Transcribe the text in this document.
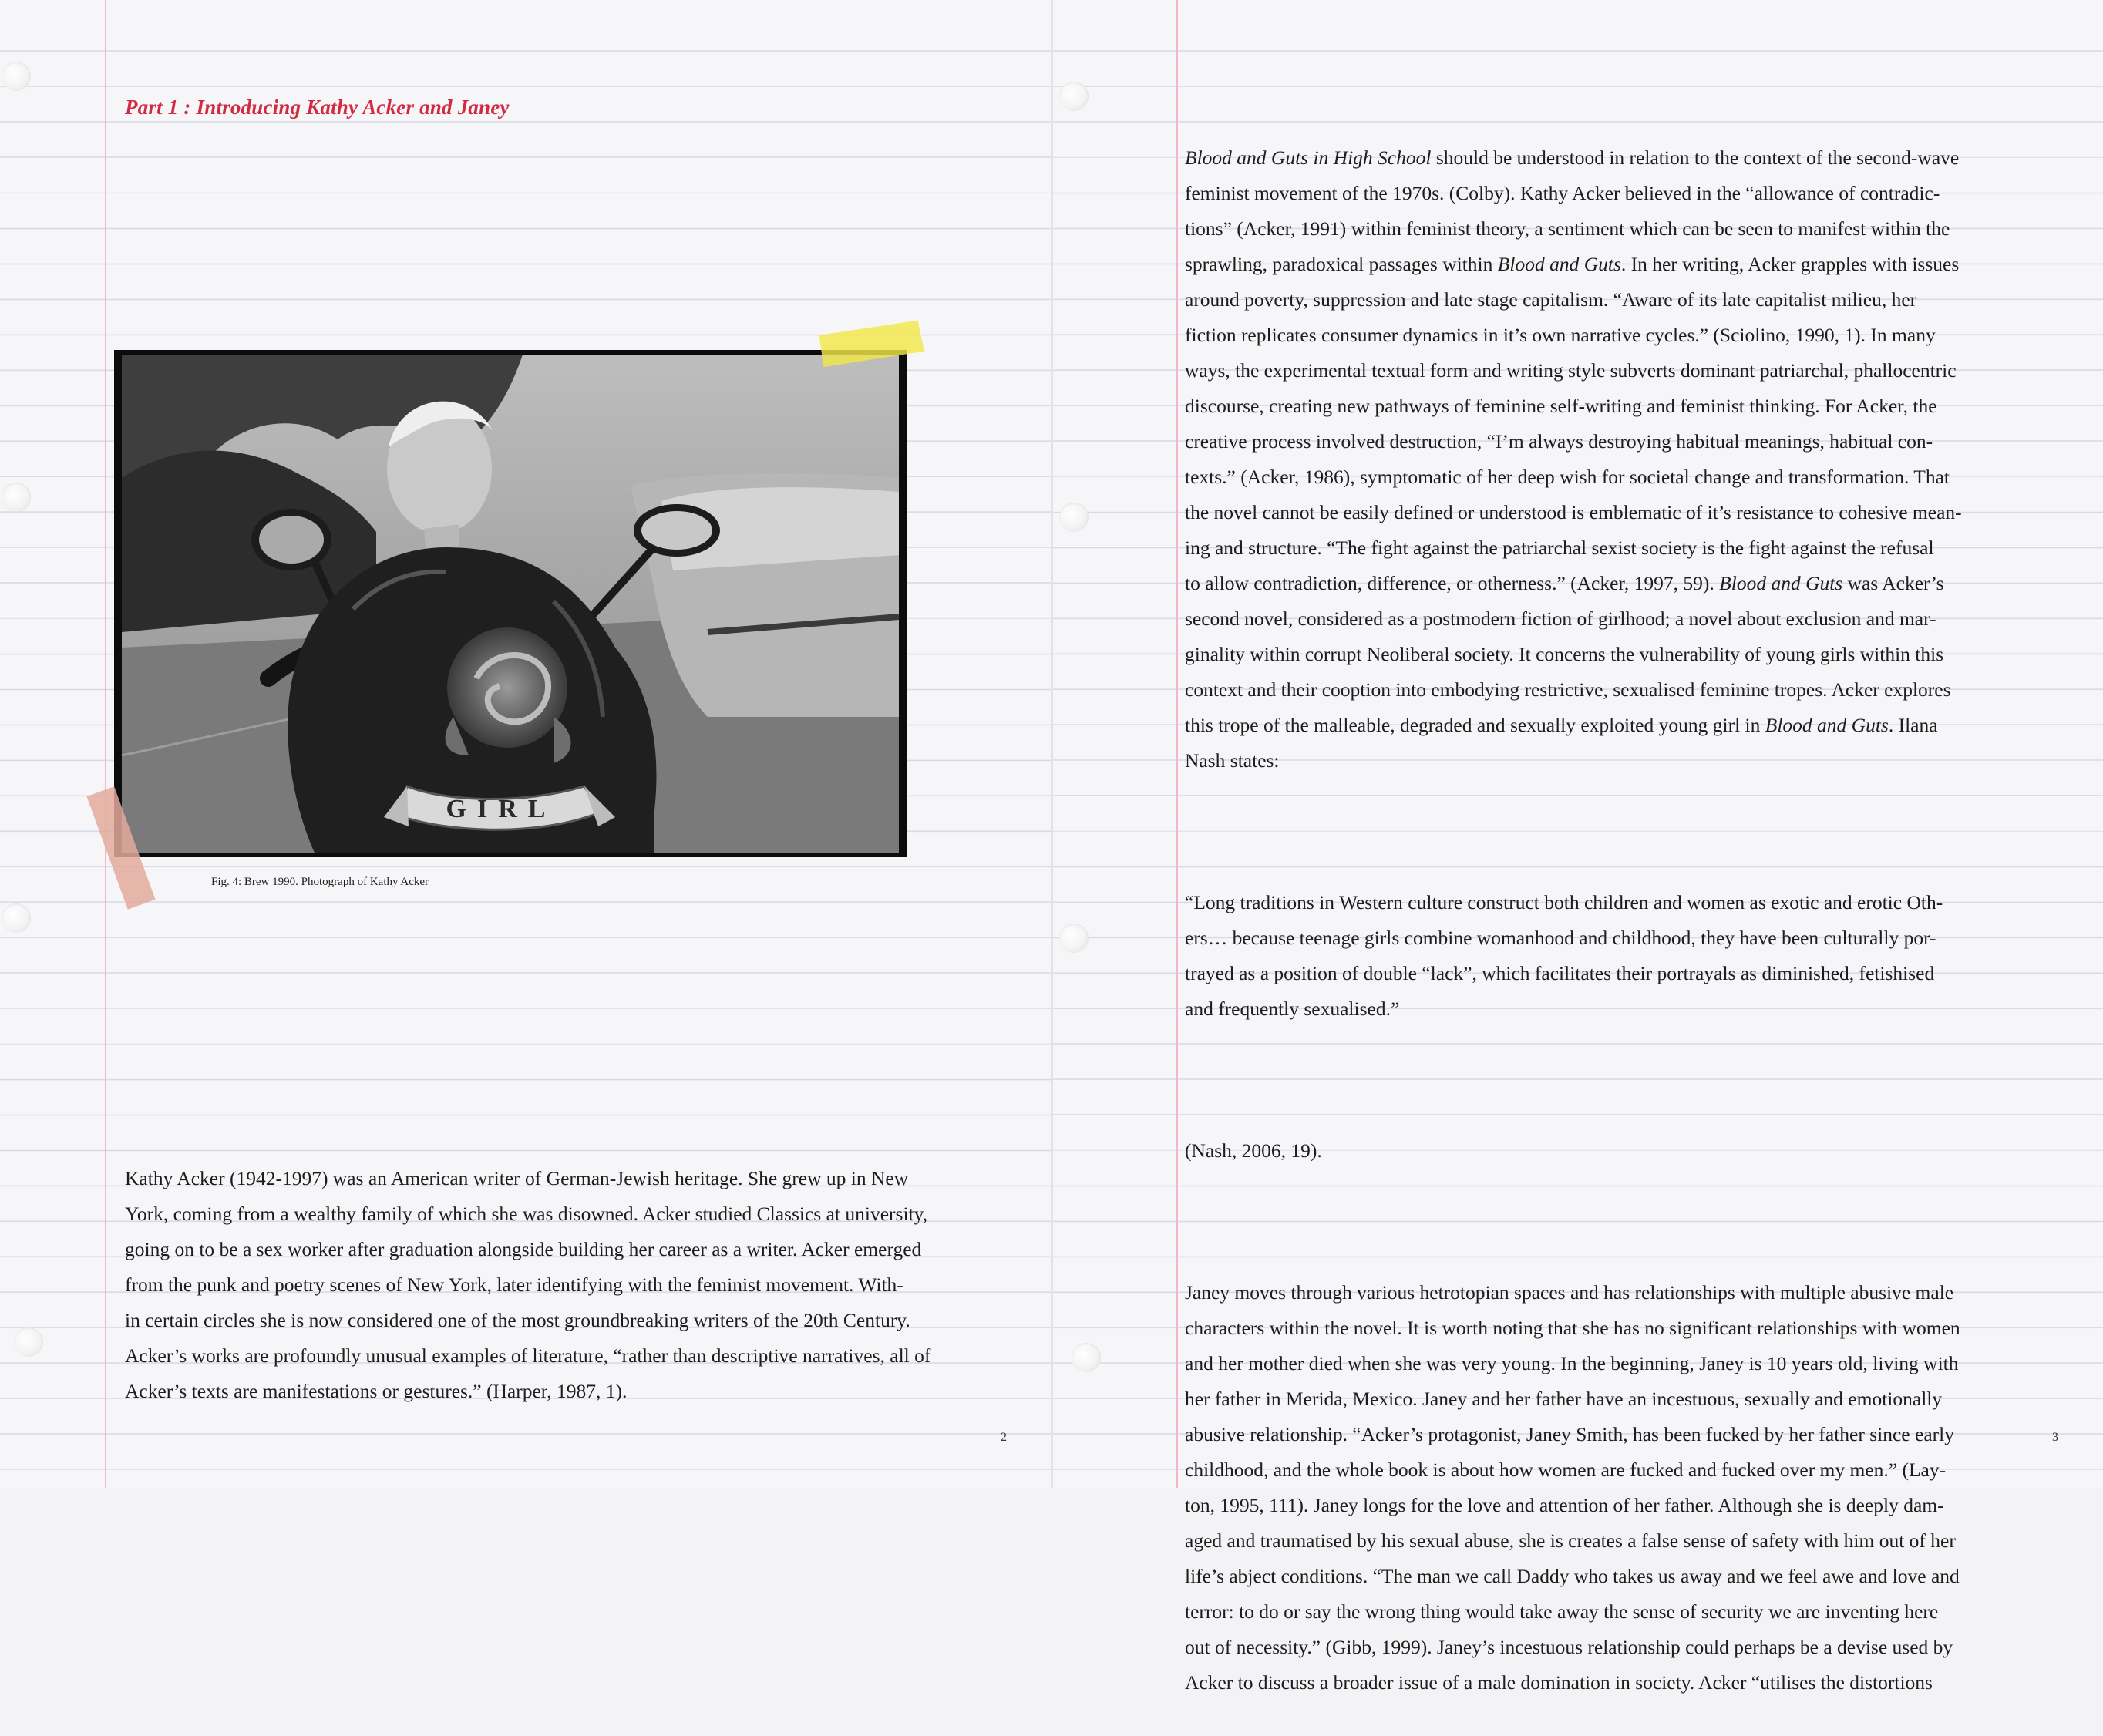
Part 1 : Introducing Kathy Acker and Janey
GIRL

Fig. 4: Brew 1990. Photograph of Kathy Acker

Kathy Acker (1942-1997) was an American writer of German-Jewish heritage. She grew up in New
York, coming from a wealthy family of which she was disowned. Acker studied Classics at university,
going on to be a sex worker after graduation alongside building her career as a writer. Acker emerged
from the punk and poetry scenes of New York, later identifying with the feminist movement. With-
in certain circles she is now considered one of the most groundbreaking writers of the 20th Century.
Acker’s works are profoundly unusual examples of literature, “rather than descriptive narratives, all of
Acker’s texts are manifestations or gestures.” (Harper, 1987, 1).

2

Blood and Guts in High School should be understood in relation to the context of the second-wave
feminist movement of the 1970s. (Colby). Kathy Acker believed in the “allowance of contradic-
tions” (Acker, 1991) within feminist theory, a sentiment which can be seen to manifest within the
sprawling, paradoxical passages within Blood and Guts. In her writing, Acker grapples with issues
around poverty, suppression and late stage capitalism. “Aware of its late capitalist milieu, her
fiction replicates consumer dynamics in it’s own narrative cycles.” (Sciolino, 1990, 1). In many
ways, the experimental textual form and writing style subverts dominant patriarchal, phallocentric
discourse, creating new pathways of feminine self-writing and feminist thinking. For Acker, the
creative process involved destruction, “I’m always destroying habitual meanings, habitual con-
texts.” (Acker, 1986), symptomatic of her deep wish for societal change and transformation. That
the novel cannot be easily defined or understood is emblematic of it’s resistance to cohesive mean-
ing and structure. “The fight against the patriarchal sexist society is the fight against the refusal
to allow contradiction, difference, or otherness.” (Acker, 1997, 59). Blood and Guts was Acker’s
second novel, considered as a postmodern fiction of girlhood; a novel about exclusion and mar-
ginality within corrupt Neoliberal society. It concerns the vulnerability of young girls within this
context and their cooption into embodying restrictive, sexualised feminine tropes. Acker explores
this trope of the malleable, degraded and sexually exploited young girl in Blood and Guts. Ilana
Nash states:

“Long traditions in Western culture construct both children and women as exotic and erotic Oth-
ers… because teenage girls combine womanhood and childhood, they have been culturally por-
trayed as a position of double “lack”, which facilitates their portrayals as diminished, fetishised
and frequently sexualised.”

(Nash, 2006, 19).

Janey moves through various hetrotopian spaces and has relationships with multiple abusive male
characters within the novel. It is worth noting that she has no significant relationships with women
and her mother died when she was very young. In the beginning, Janey is 10 years old, living with
her father in Merida, Mexico. Janey and her father have an incestuous, sexually and emotionally
abusive relationship. “Acker’s protagonist, Janey Smith, has been fucked by her father since early
childhood, and the whole book is about how women are fucked and fucked over my men.” (Lay-
ton, 1995, 111). Janey longs for the love and attention of her father. Although she is deeply dam-
aged and traumatised by his sexual abuse, she is creates a false sense of safety with him out of her
life’s abject conditions. “The man we call Daddy who takes us away and we feel awe and love and
terror: to do or say the wrong thing would take away the sense of security we are inventing here
out of necessity.” (Gibb, 1999). Janey’s incestuous relationship could perhaps be a devise used by
Acker to discuss a broader issue of a male domination in society. Acker “utilises the distortions

3
